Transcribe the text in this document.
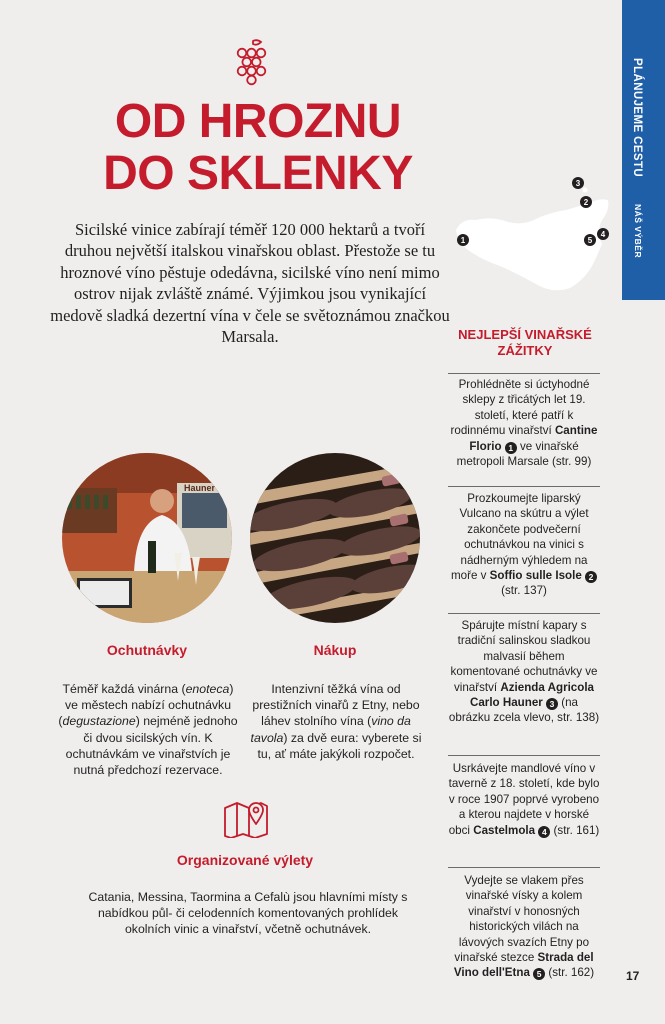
PLÁNUJEME CESTU
NÁŠ VÝBĚR
OD HROZNU
DO SKLENKY
Sicilské vinice zabírají téměř 120 000 hektarů a tvoří druhou největší italskou vinařskou oblast. Přestože se tu hroznové víno pěstuje odedávna, sicilské víno není mimo ostrov nijak zvláště známé. Výjimkou jsou vynikající medově sladká dezertní vína v čele se světoznámou značkou Marsala.
1
2
3
4
5
Hauner
Ochutnávky	Nákup
Téměř každá vinárna (enoteca) ve městech nabízí ochutnávku (degustazione) nejméně jednoho či dvou sicilských vín. K ochutnávkám ve vinařstvích je nutná předchozí rezervace.
Intenzivní těžká vína od prestižních vinařů z Etny, nebo láhev stolního vína (vino da tavola) za dvě eura: vyberete si tu, ať máte jakýkoli rozpočet.
Organizované výlety
Catania, Messina, Taormina a Cefalù jsou hlavními místy s nabídkou půl- či celodenních komentovaných prohlídek okolních vinic a vinařství, včetně ochutnávek.
NEJLEPŠÍ VINAŘSKÉ ZÁŽITKY
Prohlédněte si úctyhodné sklepy z třicátých let 19. století, které patří k rodinnému vinařství Cantine Florio 1 ve vinařské metropoli Marsale (str. 99)
Prozkoumejte liparský Vulcano na skútru a výlet zakončete podvečerní ochutnávkou na vinici s nádherným výhledem na moře v Soffio sulle Isole 2 (str. 137)
Spárujte místní kapary s tradiční salinskou sladkou malvasií během komentované ochutnávky ve vinařství Azienda Agricola Carlo Hauner 3 (na obrázku zcela vlevo, str. 138)
Usrkávejte mandlové víno v taverně z 18. století, kde bylo v roce 1907 poprvé vyrobeno a kterou najdete v horské obci Castelmola 4 (str. 161)
Vydejte se vlakem přes vinařské vísky a kolem vinařství v honosných historických vilách na lávových svazích Etny po vinařské stezce Strada del Vino dell'Etna 5 (str. 162)	17
